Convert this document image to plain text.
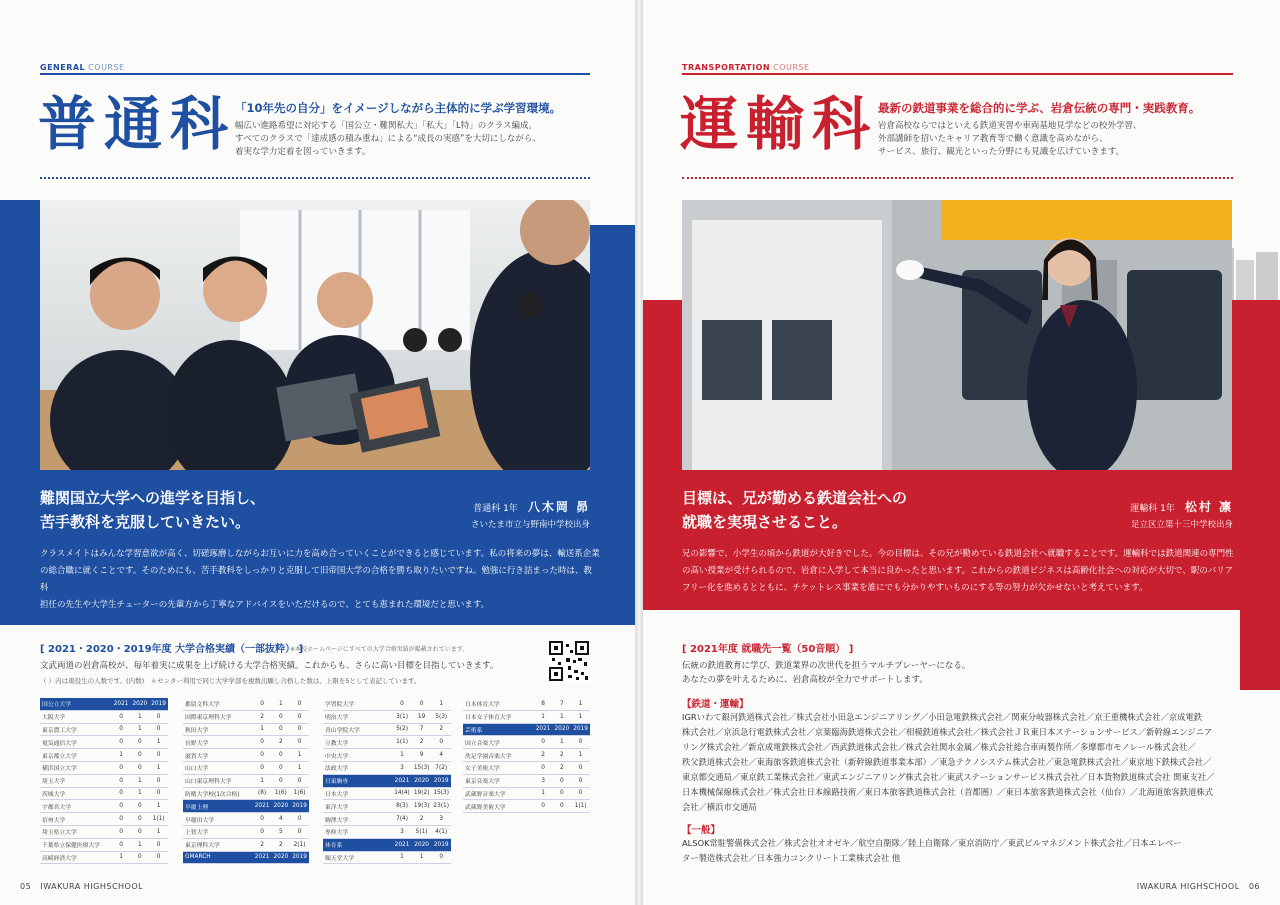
GENERAL COURSE
普通科
「10年先の自分」をイメージしながら主体的に学ぶ学習環境。
幅広い進路希望に対応する「国公立・難関私大」「私大」「L特」のクラス編成。
すべてのクラスで「達成感の積み重ね」による“成長の実感”を大切にしながら、
着実な学力定着を図っていきます。
難関国立大学への進学を目指し、
苦手教科を克服していきたい。
普通科 1年 八木岡 昴
さいたま市立与野南中学校出身
クラスメイトはみんな学習意欲が高く、切磋琢磨しながらお互いに力を高め合っていくことができると感じています。私の将来の夢は、輸送系企業
の総合職に就くことです。そのためにも、苦手教科をしっかりと克服して旧帝国大学の合格を勝ち取りたいですね。勉強に行き詰まった時は、教科
担任の先生や大学生チューターの先輩方から丁寧なアドバイスをいただけるので、とても恵まれた環境だと思います。
[ 2021・2020・2019年度 大学合格実績（一部抜粋） ]
※本校ホームページにすべての大学合格実績が掲載されています。
文武両道の岩倉高校が、毎年着実に成果を上げ続ける大学合格実績。これからも、さらに高い目標を目指していきます。
（ ）内は現役生の人数です。(内数)　＊センター利用で同じ大学学部を複数出願し合格した数は、上限を5として表記しています。
国公立大学	2021	2020	2019
大阪大学	0	1	0
東京農工大学	0	1	0
電気通信大学	0	0	1
東京都立大学	1	0	0
横浜国立大学	0	0	1
埼玉大学	0	1	0
茨城大学	0	1	0
宇都宮大学	0	0	1
信州大学	0	0	1(1)
埼玉県立大学	0	0	1
千葉県立保健医療大学	0	1	0
高崎経済大学	1	0	0
都留文科大学	0	1	0
国際東京理科大学	2	0	0
秋田大学	1	0	0
長野大学	0	2	0
滋賀大学	0	0	1
山口大学	0	0	1
山口東京理科大学	1	0	0
防衛大学校(1次合格)	(8)	1(6)	1(6)
早慶上理	2021	2020	2019
早稲田大学	0	4	0
上智大学	0	5	0
東京理科大学	2	2	2(1)
GMARCH	2021	2020	2019
学習院大学	0	0	1
明治大学	3(1)	19	5(3)
青山学院大学	5(2)	7	2
立教大学	1(1)	2	0
中央大学	1	9	4
法政大学	3	15(3)	7(2)
日東駒専	2021	2020	2019
日本大学	14(4)	19(2)	15(3)
東洋大学	8(3)	19(3)	23(1)
駒澤大学	7(4)	2	3
専修大学	3	5(1)	4(1)
体育系	2021	2020	2019
順天堂大学	1	1	0
日本体育大学	8	7	1
日本女子体育大学	1	1	1
芸術系	2021	2020	2019
国立音楽大学	0	1	0
洗足学園音楽大学	2	2	1
女子美術大学	0	2	0
東京音楽大学	3	0	0
武蔵野音楽大学	1	0	0
武蔵野美術大学	0	0	1(1)
05 IWAKURA HIGHSCHOOL
TRANSPORTATION COURSE
運輸科 最新の鉄道事業を総合的に学ぶ、岩倉伝統の専門・実践教育。
岩倉高校ならではといえる鉄道実習や車両基地見学などの校外学習、
外部講師を招いたキャリア教育等で働く意識を高めながら、
サービス、旅行、観光といった分野にも見識を広げていきます。
目標は、兄が勤める鉄道会社への
就職を実現させること。
運輸科 1年 松村 凛
足立区立第十三中学校出身
兄の影響で、小学生の頃から鉄道が大好きでした。今の目標は、その兄が勤めている鉄道会社へ就職することです。運輸科では鉄道関連の専門性
の高い授業が受けられるので、岩倉に入学して本当に良かったと思います。これからの鉄道ビジネスは高齢化社会への対応が大切で、駅のバリア
フリー化を進めるとともに、チケットレス事業を誰にでも分かりやすいものにする等の努力が欠かせないと考えています。
[ 2021年度 就職先一覧（50音順） ]
伝統の鉄道教育に学び、鉄道業界の次世代を担うマルチプレーヤーになる。
あなたの夢を叶えるために、岩倉高校が全力でサポートします。
【鉄道・運輸】
IGRいわて銀河鉄道株式会社／株式会社小田急エンジニアリング／小田急電鉄株式会社／関東分岐器株式会社／京王重機株式会社／京成電鉄
株式会社／京浜急行電鉄株式会社／京葉臨海鉄道株式会社／相模鉄道株式会社／株式会社ＪＲ東日本ステーションサービス／新幹線エンジニア
リング株式会社／新京成電鉄株式会社／西武鉄道株式会社／株式会社関水金属／株式会社総合車両製作所／多摩都市モノレール株式会社／
秩父鉄道株式会社／東海旅客鉄道株式会社（新幹線鉄道事業本部）／東急テクノシステム株式会社／東急電鉄株式会社／東京地下鉄株式会社／
東京都交通局／東京鉄工業株式会社／東武エンジニアリング株式会社／東武ステーションサービス株式会社／日本貨物鉄道株式会社 関東支社／
日本機械保線株式会社／株式会社日本線路技術／東日本旅客鉄道株式会社（首都圏）／東日本旅客鉄道株式会社（仙台）／北海道旅客鉄道株式
会社／横浜市交通局
【一般】
ALSOK常駐警備株式会社／株式会社オオゼキ／航空自衛隊／陸上自衛隊／東京消防庁／東武ビルマネジメント株式会社／日本エレベー
ター製造株式会社／日本強力コンクリート工業株式会社 他
IWAKURA HIGHSCHOOL 06
